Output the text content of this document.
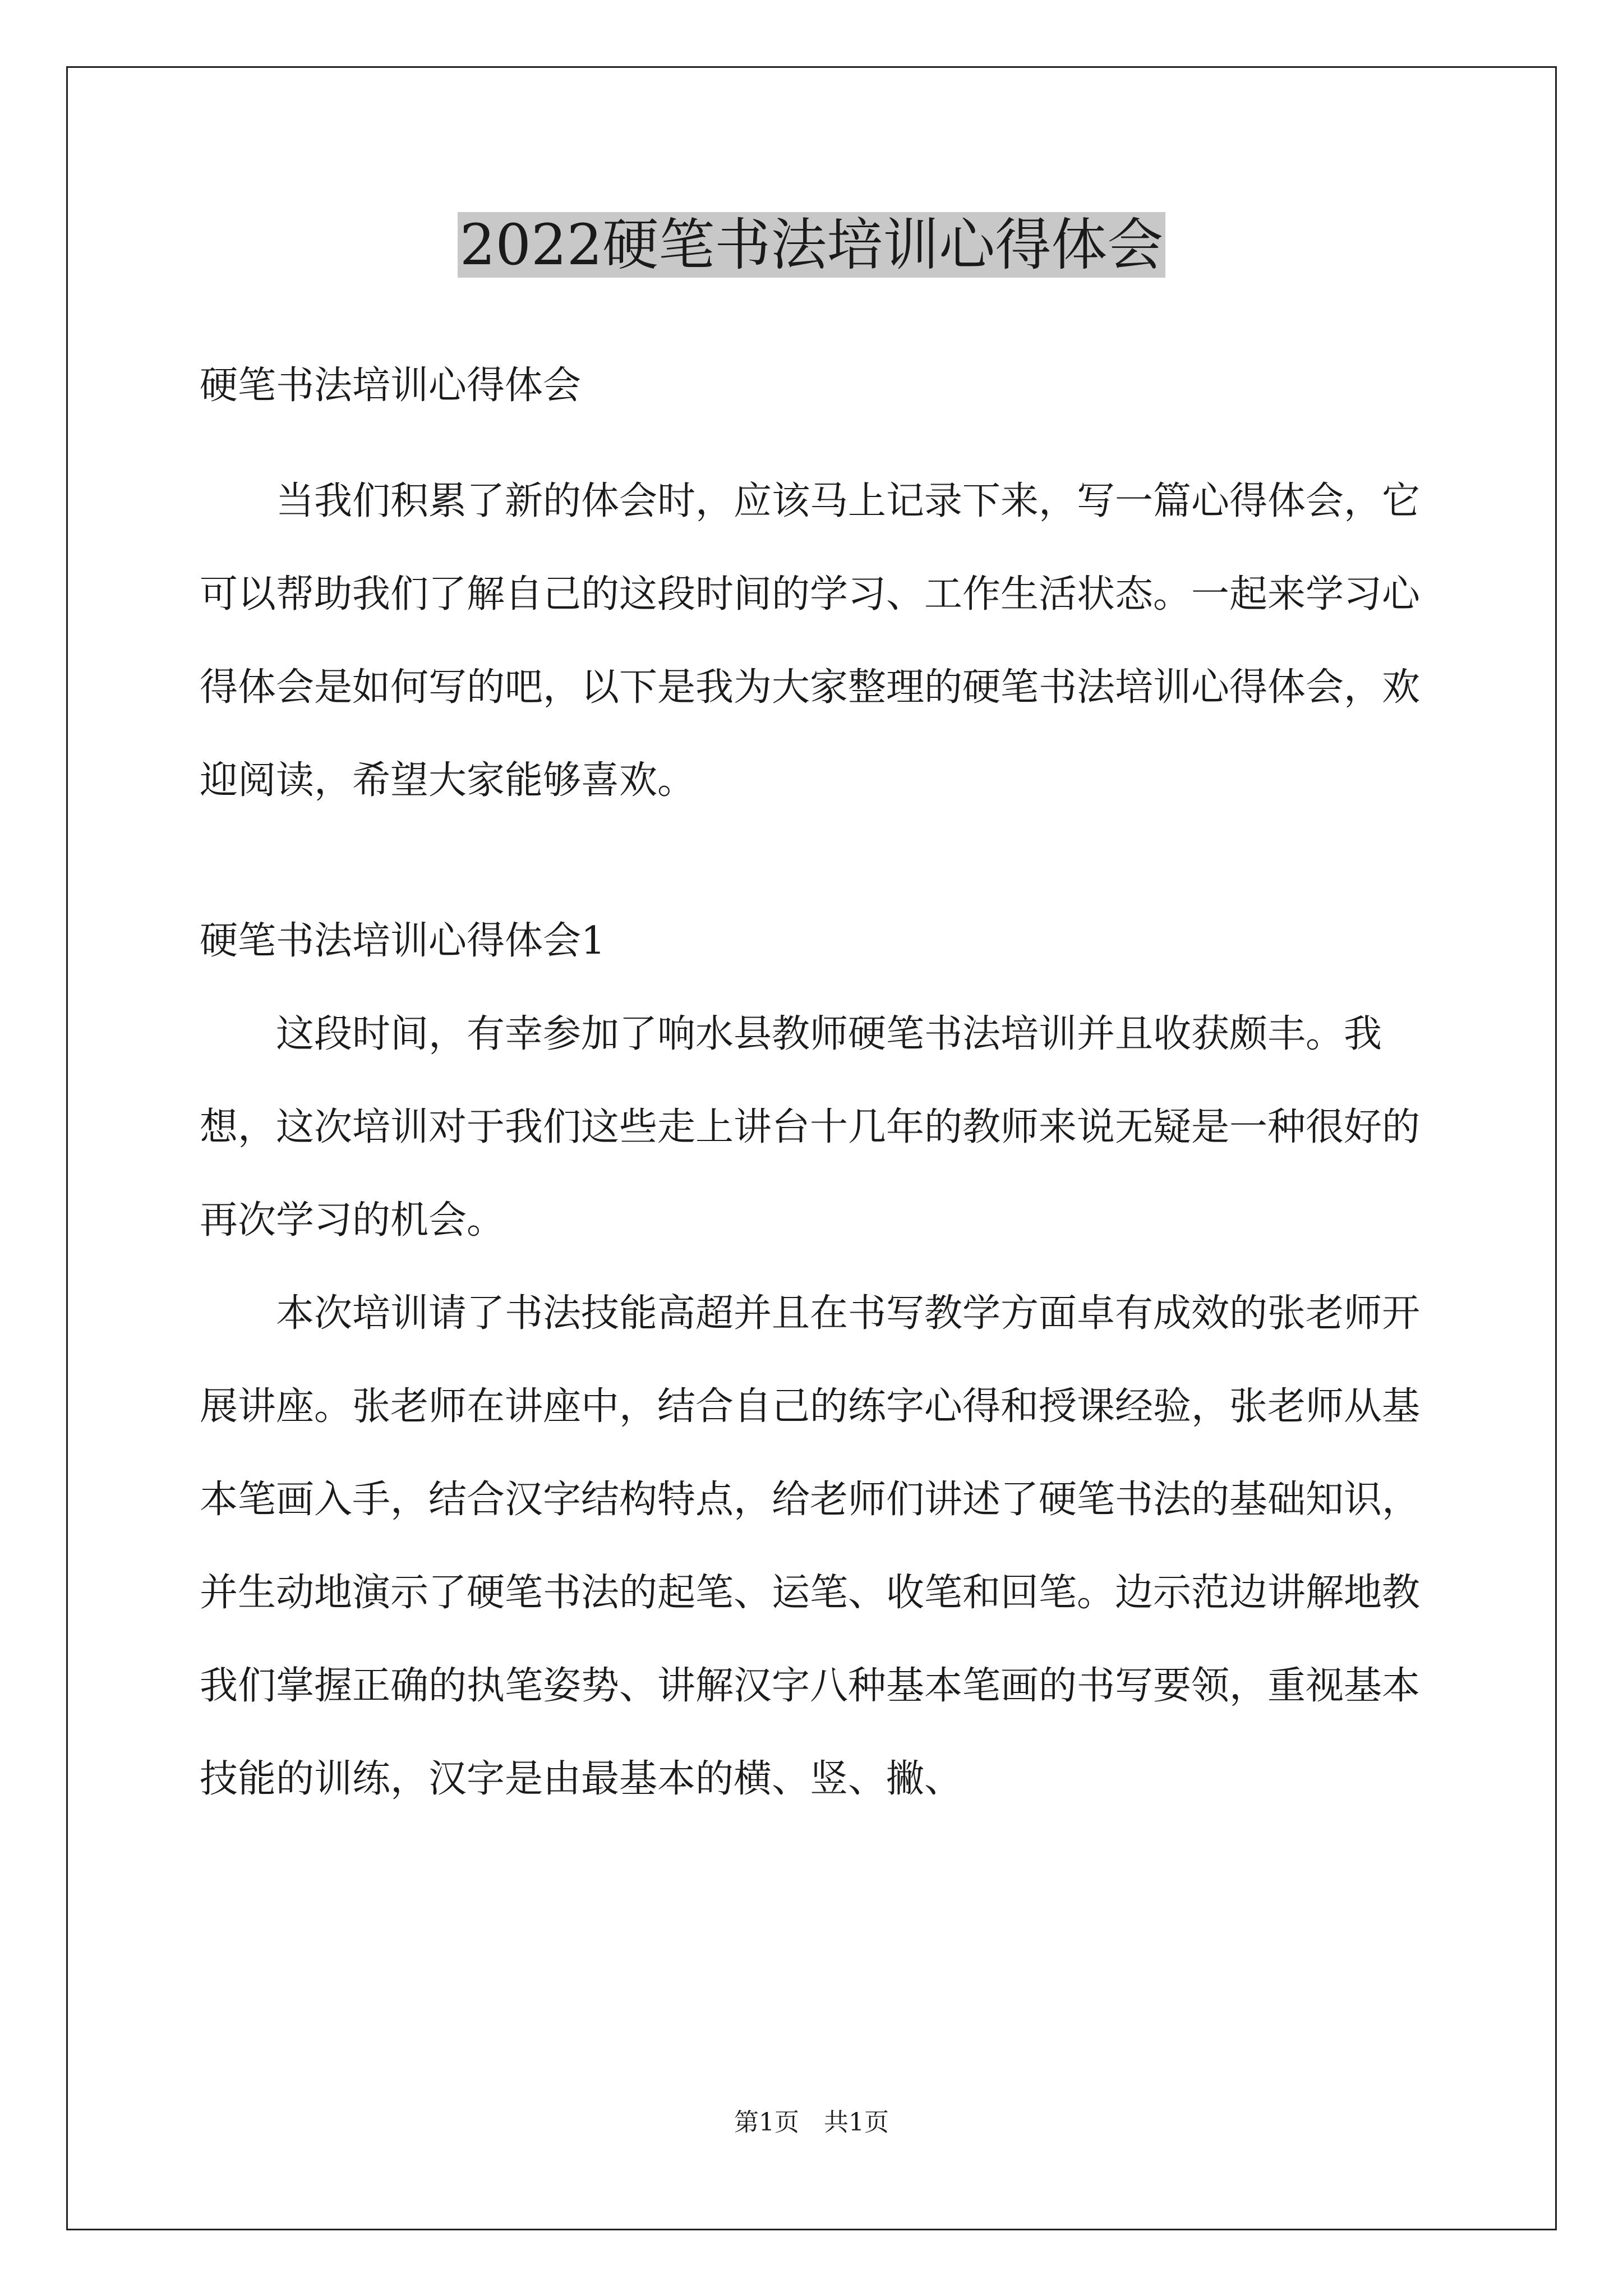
2022硬笔书法培训心得体会

硬笔书法培训心得体会

当我们积累了新的体会时，应该马上记录下来，写一篇心得体会，它可以帮助我们了解自己的这段时间的学习、工作生活状态。一起来学习心得体会是如何写的吧，以下是我为大家整理的硬笔书法培训心得体会，欢迎阅读，希望大家能够喜欢。

硬笔书法培训心得体会1

这段时间，有幸参加了响水县教师硬笔书法培训并且收获颇丰。我想，这次培训对于我们这些走上讲台十几年的教师来说无疑是一种很好的再次学习的机会。

本次培训请了书法技能高超并且在书写教学方面卓有成效的张老师开展讲座。张老师在讲座中，结合自己的练字心得和授课经验，张老师从基本笔画入手，结合汉字结构特点，给老师们讲述了硬笔书法的基础知识，并生动地演示了硬笔书法的起笔、运笔、收笔和回笔。边示范边讲解地教我们掌握正确的执笔姿势、讲解汉字八种基本笔画的书写要领，重视基本技能的训练，汉字是由最基本的横、竖、撇、

第1页　共1页
